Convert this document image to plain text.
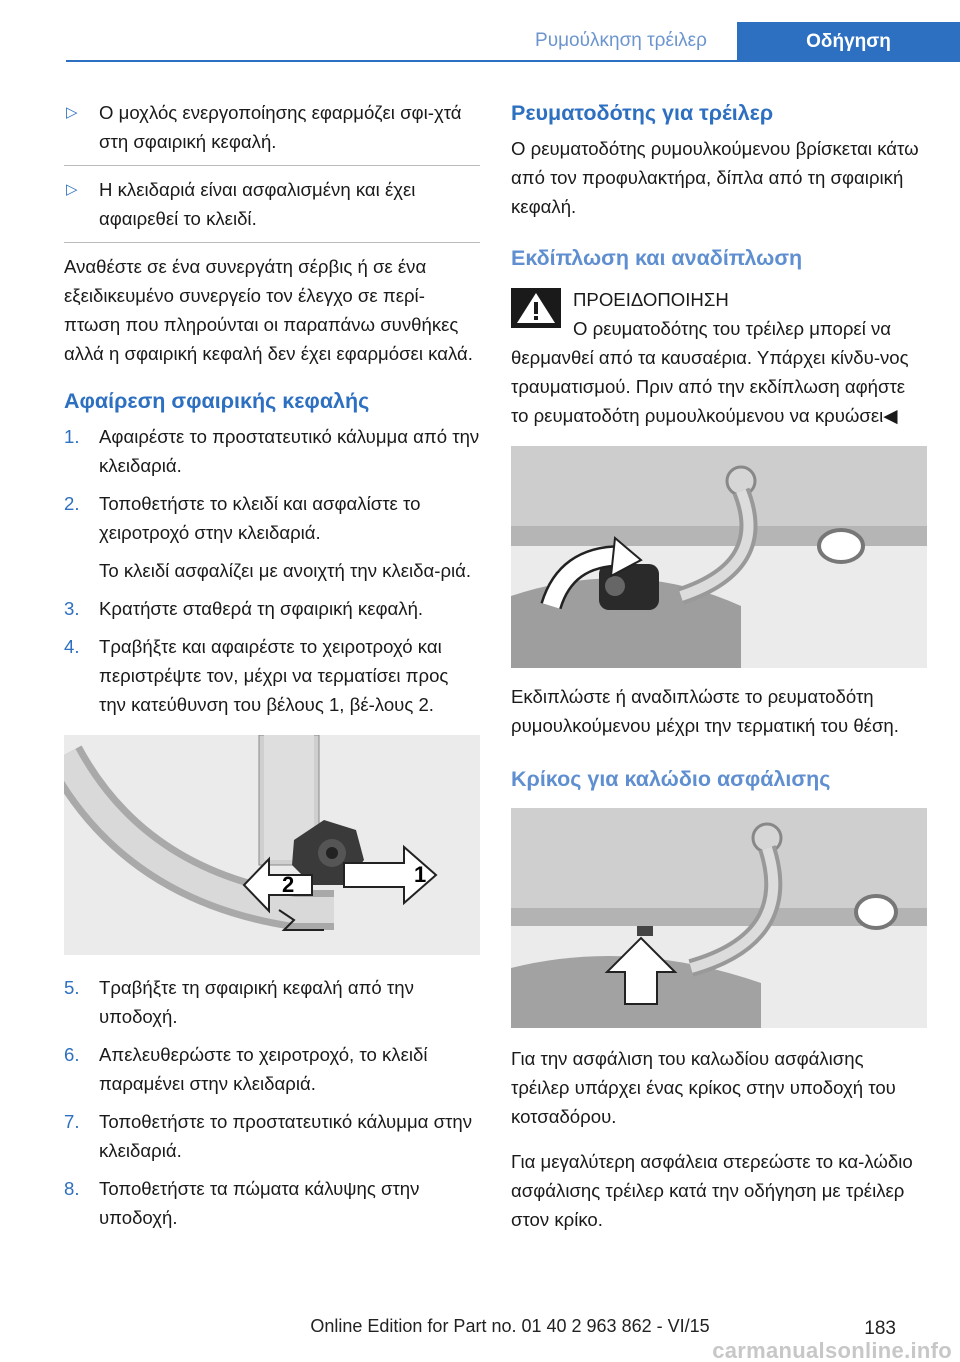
Ρυμούλκηση τρέιλερ	Οδήγηση
▷	Ο μοχλός ενεργοποίησης εφαρμόζει σφι-χτά στη σφαιρική κεφαλή.
▷	Η κλειδαριά είναι ασφαλισμένη και έχει αφαιρεθεί το κλειδί.

Αναθέστε σε ένα συνεργάτη σέρβις ή σε ένα εξειδικευμένο συνεργείο τον έλεγχο σε περί-πτωση που πληρούνται οι παραπάνω συνθήκες αλλά η σφαιρική κεφαλή δεν έχει εφαρμόσει καλά.

Αφαίρεση σφαιρικής κεφαλής
1.	Αφαιρέστε το προστατευτικό κάλυμμα από την κλειδαριά.
2.	Τοποθετήστε το κλειδί και ασφαλίστε το χειροτροχό στην κλειδαριά.
Το κλειδί ασφαλίζει με ανοιχτή την κλειδα-ριά.
3.	Κρατήστε σταθερά τη σφαιρική κεφαλή.
4.	Τραβήξτε και αφαιρέστε το χειροτροχό και περιστρέψτε τον, μέχρι να τερματίσει προς την κατεύθυνση του βέλους 1, βέ-λους 2.
1
2
5.	Τραβήξτε τη σφαιρική κεφαλή από την υποδοχή.
6.	Απελευθερώστε το χειροτροχό, το κλειδί παραμένει στην κλειδαριά.
7.	Τοποθετήστε το προστατευτικό κάλυμμα στην κλειδαριά.
8.	Τοποθετήστε τα πώματα κάλυψης στην υποδοχή.
Ρευματοδότης για τρέιλερ

Ο ρευματοδότης ρυμουλκούμενου βρίσκεται κάτω από τον προφυλακτήρα, δίπλα από τη σφαιρική κεφαλή.

Εκδίπλωση και αναδίπλωση
ΠΡΟΕΙΔΟΠΟΙΗΣΗ
Ο ρευματοδότης του τρέιλερ μπορεί να

θερμανθεί από τα καυσαέρια. Υπάρχει κίνδυ-νος τραυματισμού. Πριν από την εκδίπλωση αφήστε το ρευματοδότη ρυμουλκούμενου να κρυώσει◀

Εκδιπλώστε ή αναδιπλώστε το ρευματοδότη ρυμουλκούμενου μέχρι την τερματική του θέση.

Κρίκος για καλώδιο ασφάλισης

Για την ασφάλιση του καλωδίου ασφάλισης τρέιλερ υπάρχει ένας κρίκος στην υποδοχή του κοτσαδόρου.

Για μεγαλύτερη ασφάλεια στερεώστε το κα-λώδιο ασφάλισης τρέιλερ κατά την οδήγηση με τρέιλερ στον κρίκο.

Online Edition for Part no. 01 40 2 963 862 - VI/15	183
carmanualsonline.info
